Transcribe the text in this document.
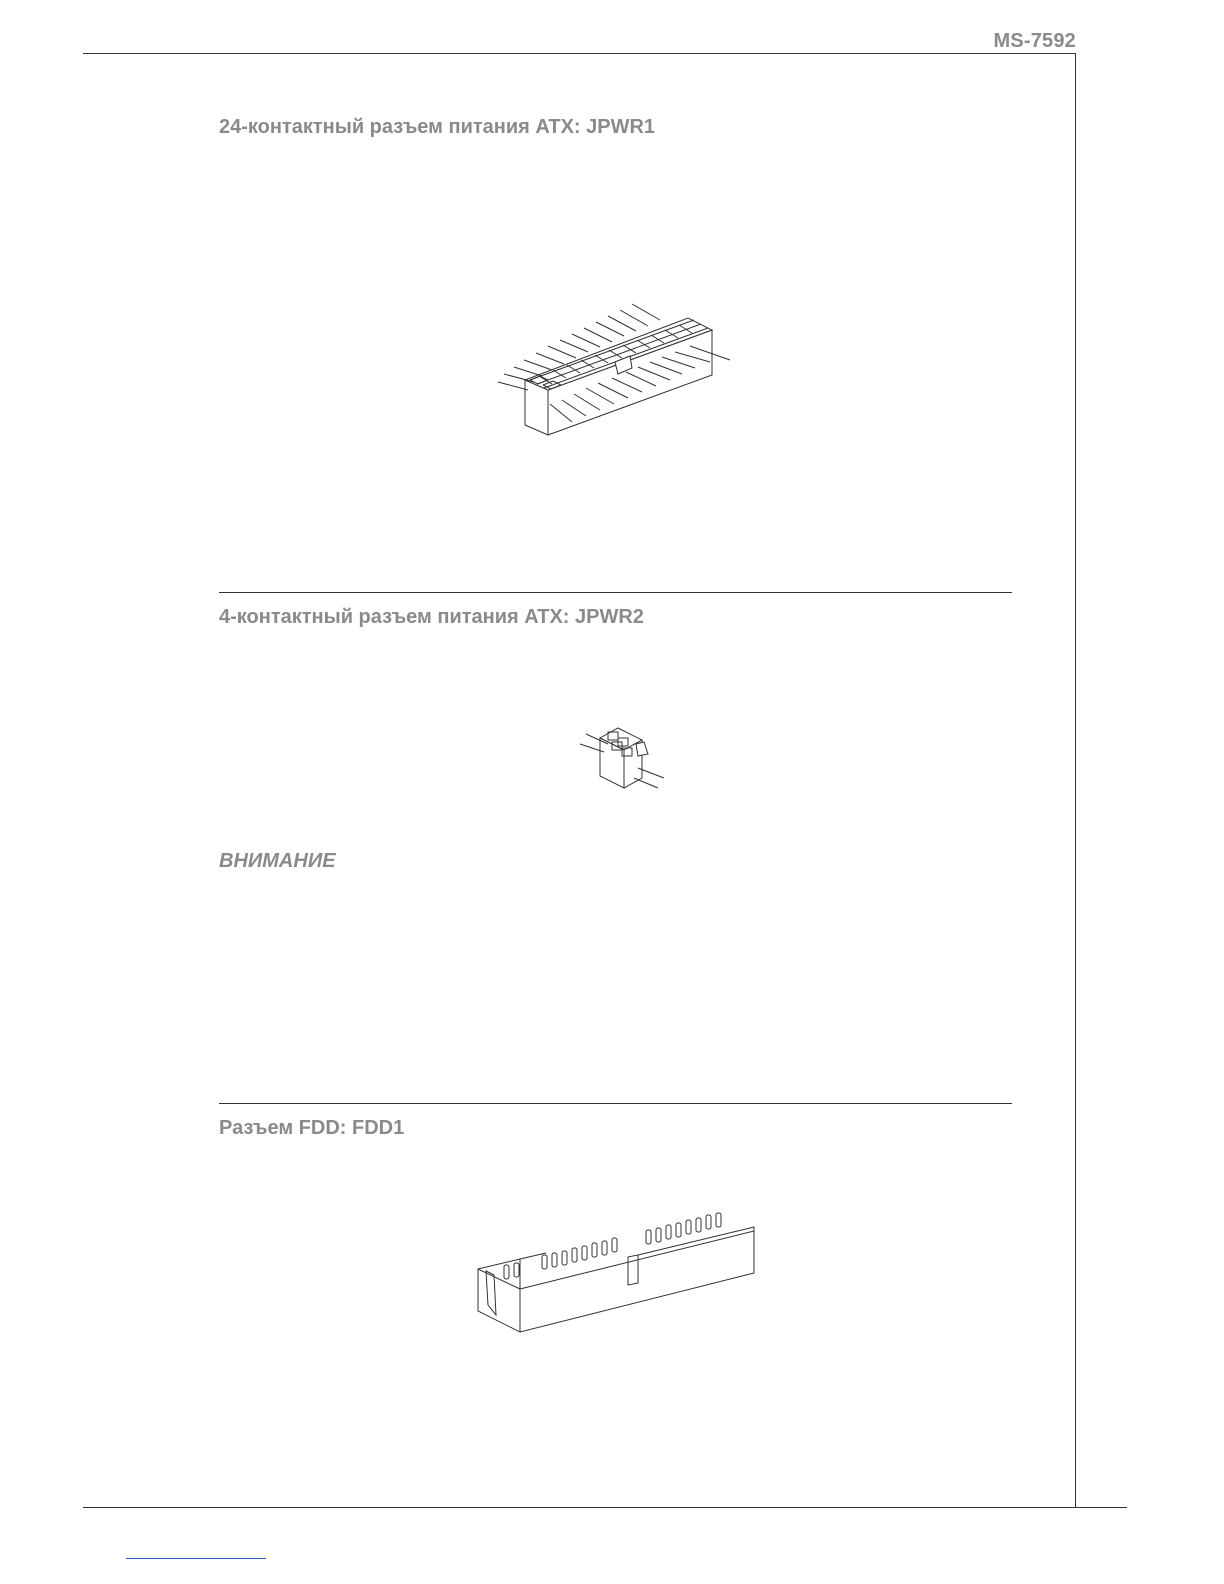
MS-7592
24-контактный разъем питания ATX: JPWR1
4-контактный разъем питания ATX: JPWR2
ВНИМАНИЕ
Разъем FDD: FDD1
